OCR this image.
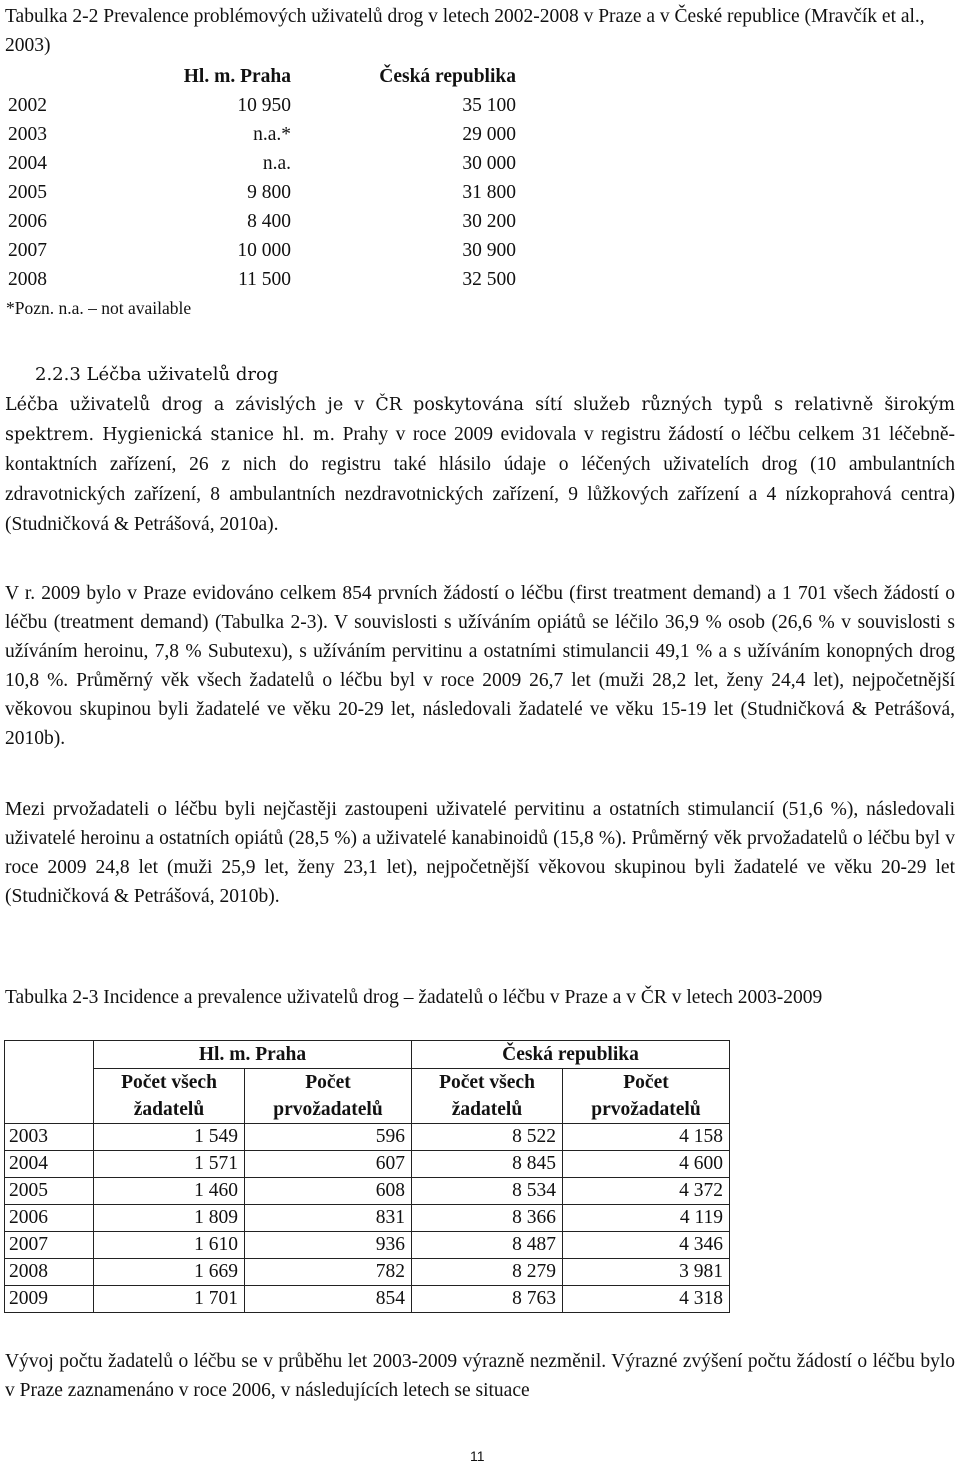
Tabulka 2-2 Prevalence problémových uživatelů drog v letech 2002-2008 v Praze a v České republice (Mravčík et al., 2003)
	Hl. m. Praha	Česká republika
2002	10 950	35 100
2003	n.a.*	29 000
2004	n.a.	30 000
2005	9 800	31 800
2006	8 400	30 200
2007	10 000	30 900
2008	11 500	32 500
*Pozn. n.a. – not available
2.2.3 Léčba uživatelů drog
Léčba uživatelů drog a závislých je v ČR poskytována sítí služeb různých typů s relativně širokým spektrem. Hygienická stanice hl. m. Prahy v roce 2009 evidovala v registru žádostí o léčbu celkem 31 léčebně-kontaktních zařízení, 26 z nich do registru také hlásilo údaje o léčených uživatelích drog (10 ambulantních zdravotnických zařízení, 8 ambulantních nezdravotnických zařízení, 9 lůžkových zařízení a 4 nízkoprahová centra) (Studničková & Petrášová, 2010a).
V r. 2009 bylo v Praze evidováno celkem 854 prvních žádostí o léčbu (first treatment demand) a 1 701 všech žádostí o léčbu (treatment demand) (Tabulka 2-3). V souvislosti s užíváním opiátů se léčilo 36,9 % osob (26,6 % v souvislosti s užíváním heroinu, 7,8 % Subutexu), s užíváním pervitinu a ostatními stimulancii 49,1 % a s užíváním konopných drog 10,8 %. Průměrný věk všech žadatelů o léčbu byl v roce 2009 26,7 let (muži 28,2 let, ženy 24,4 let), nejpočetnější věkovou skupinou byli žadatelé ve věku 20-29 let, následovali žadatelé ve věku 15-19 let (Studničková & Petrášová, 2010b).
Mezi prvožadateli o léčbu byli nejčastěji zastoupeni uživatelé pervitinu a ostatních stimulancií (51,6 %), následovali uživatelé heroinu a ostatních opiátů (28,5 %) a uživatelé kanabinoidů (15,8 %). Průměrný věk prvožadatelů o léčbu byl v roce 2009 24,8 let (muži 25,9 let, ženy 23,1 let), nejpočetnější věkovou skupinou byli žadatelé ve věku 20-29 let (Studničková & Petrášová, 2010b).
Tabulka 2-3 Incidence a prevalence uživatelů drog – žadatelů o léčbu v Praze a v ČR v letech 2003-2009
	Hl. m. Praha		Česká republika	
	Počet všech žadatelů	Počet prvožadatelů	Počet všech žadatelů	Počet prvožadatelů
2003	1 549	596	8 522	4 158
2004	1 571	607	8 845	4 600
2005	1 460	608	8 534	4 372
2006	1 809	831	8 366	4 119
2007	1 610	936	8 487	4 346
2008	1 669	782	8 279	3 981
2009	1 701	854	8 763	4 318
Vývoj počtu žadatelů o léčbu se v průběhu let 2003-2009 výrazně nezměnil. Výrazné zvýšení počtu žádostí o léčbu bylo v Praze zaznamenáno v roce 2006, v následujících letech se situace
11
